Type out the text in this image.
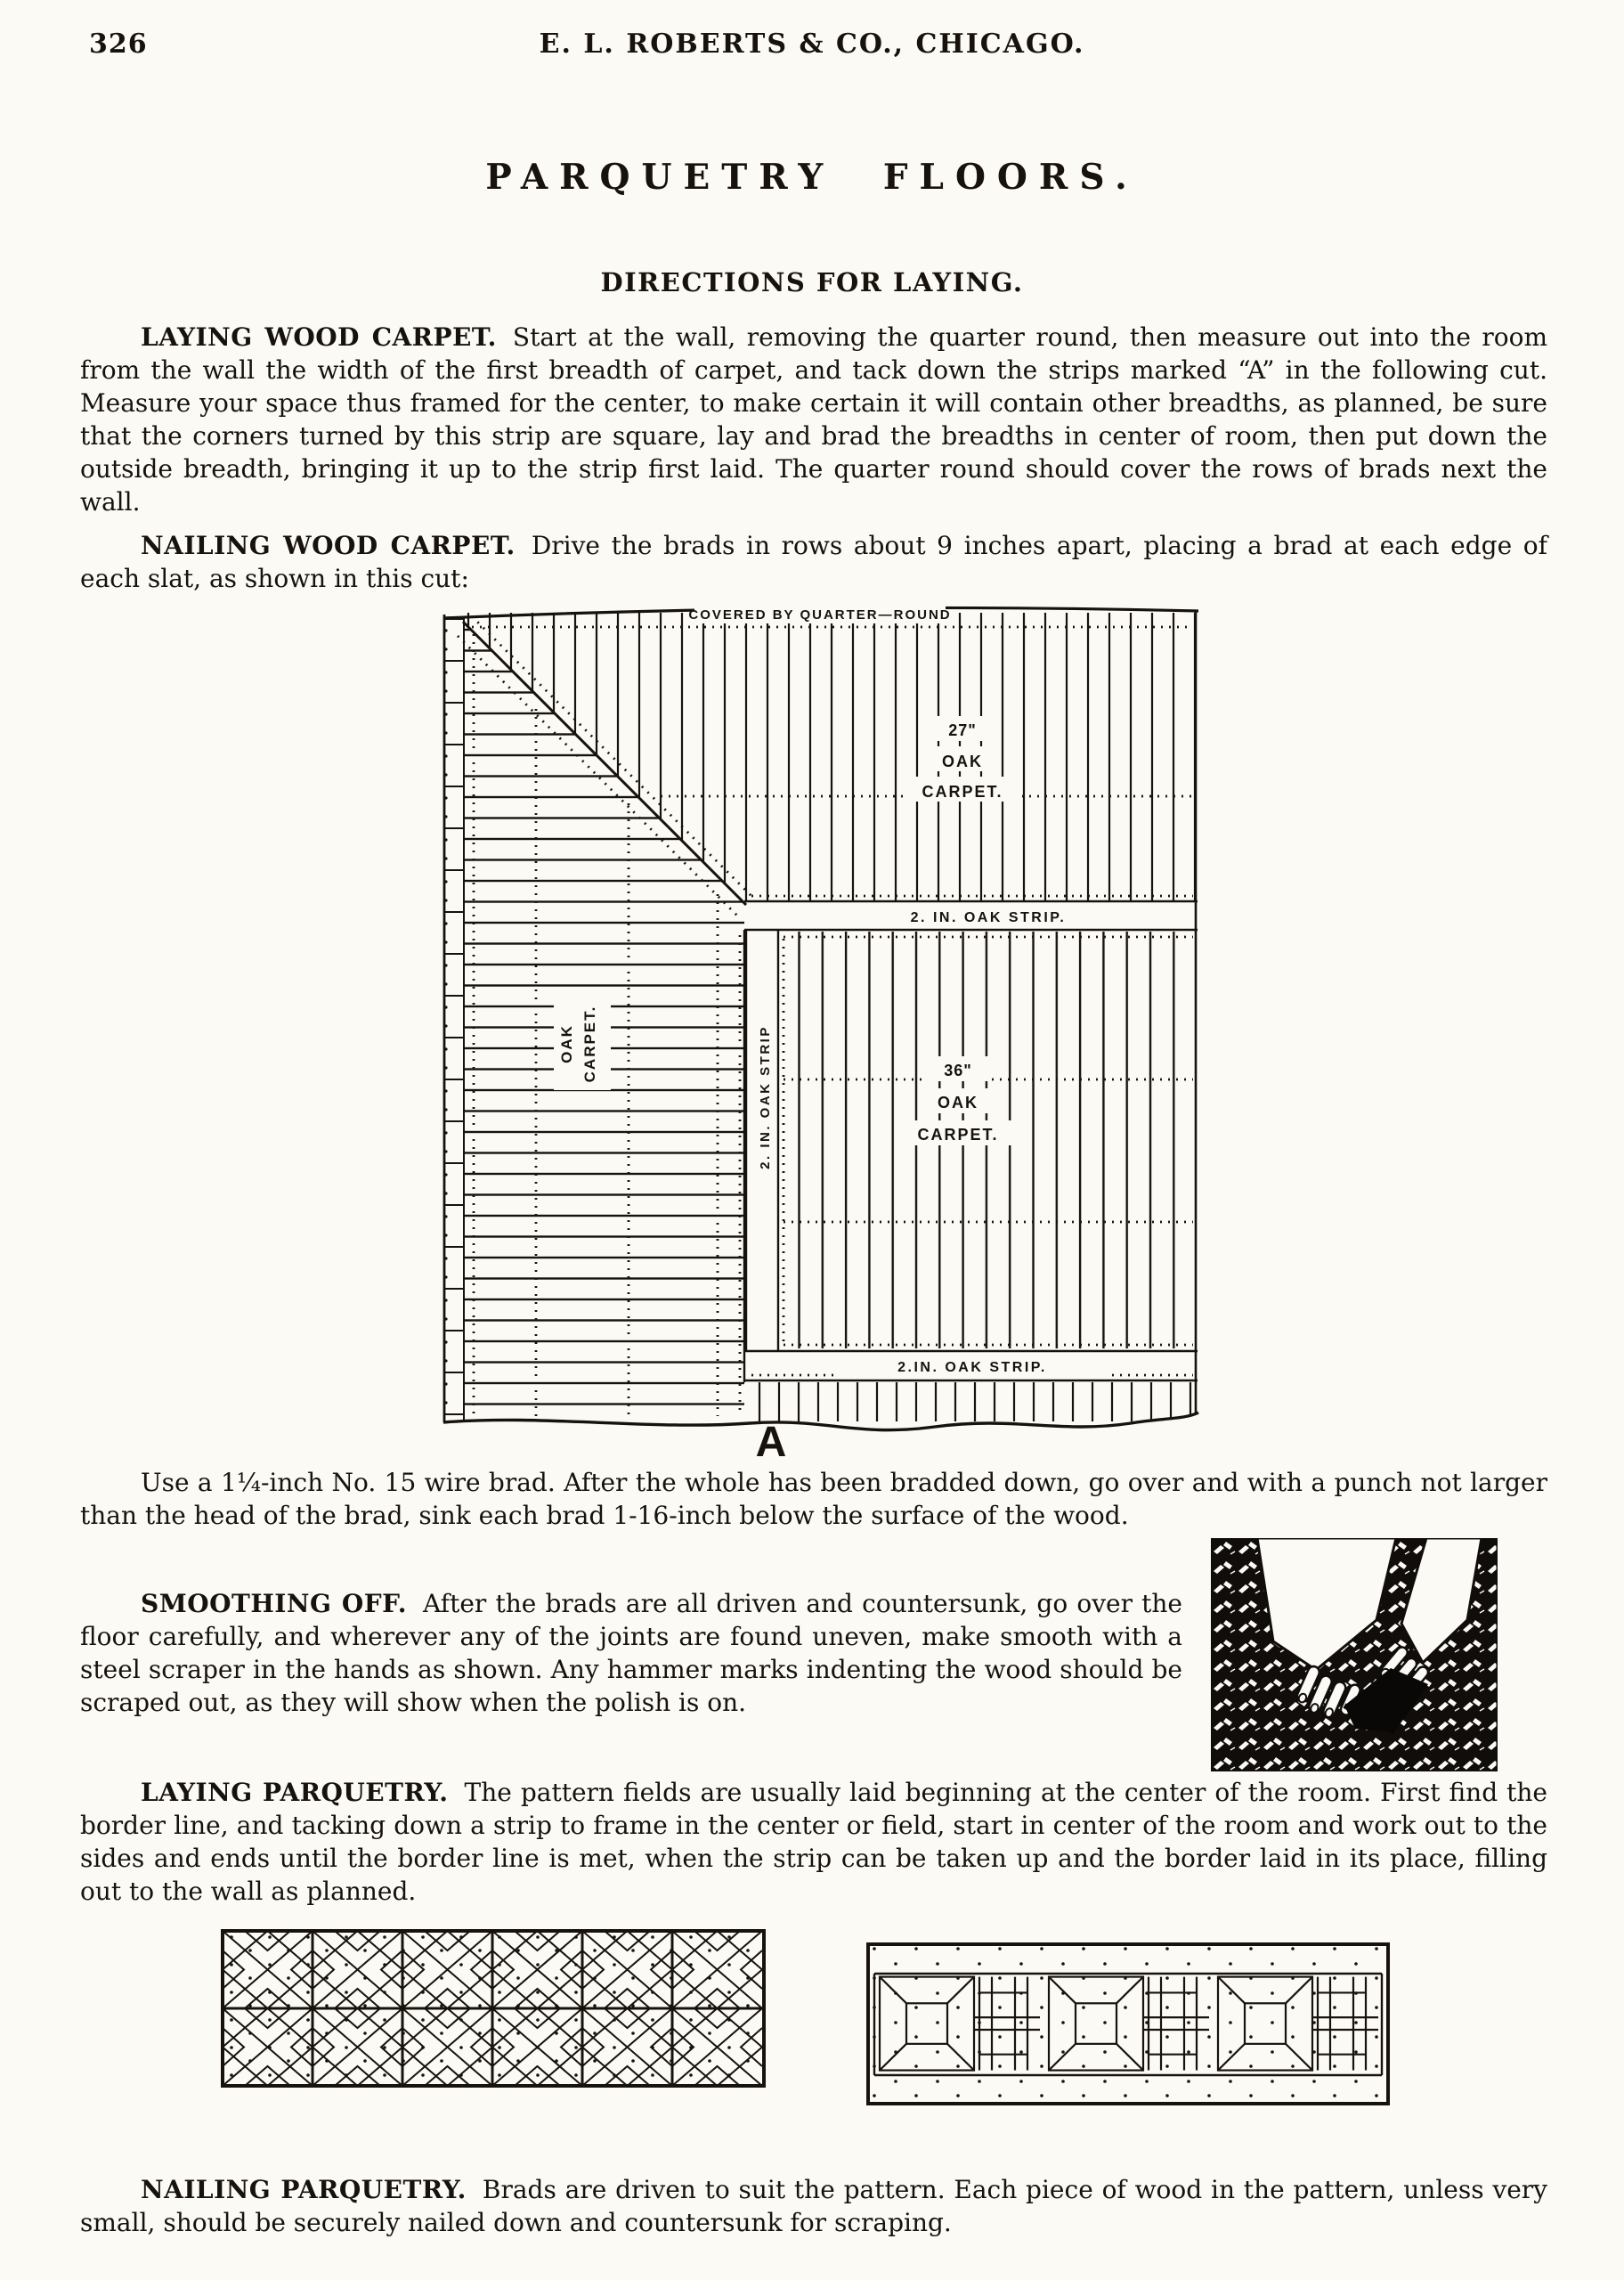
326	E. L. ROBERTS & CO., CHICAGO.
PARQUETRY FLOORS.
DIRECTIONS FOR LAYING.

LAYING WOOD CARPET. Start at the wall, removing the quarter round, then measure out into the room from the wall the width of the first breadth of carpet, and tack down the strips marked “A” in the following cut. Measure your space thus framed for the center, to make certain it will contain other breadths, as planned, be sure that the corners turned by this strip are square, lay and brad the breadths in center of room, then put down the outside breadth, bringing it up to the strip first laid. The quarter round should cover the rows of brads next the wall.

NAILING WOOD CARPET. Drive the brads in rows about 9 inches apart, placing a brad at each edge of each slat, as shown in this cut:

COVERED BY QUARTER—ROUND
27"
OAK
CARPET.
2. IN. OAK STRIP.
OAK CARPET.	2. IN. OAK STRIP	36"
OAK
CARPET.
2.IN. OAK STRIP.
A

Use a 1¼-inch No. 15 wire brad. After the whole has been bradded down, go over and with a punch not larger than the head of the brad, sink each brad 1-16-inch below the surface of the wood.

SMOOTHING OFF. After the brads are all driven and countersunk, go over the floor carefully, and wherever any of the joints are found uneven, make smooth with a steel scraper in the hands as shown. Any hammer marks indenting the wood should be scraped out, as they will show when the polish is on.

LAYING PARQUETRY. The pattern fields are usually laid beginning at the center of the room. First find the border line, and tacking down a strip to frame in the center or field, start in center of the room and work out to the sides and ends until the border line is met, when the strip can be taken up and the border laid in its place, filling out to the wall as planned.

NAILING PARQUETRY. Brads are driven to suit the pattern. Each piece of wood in the pattern, unless very small, should be securely nailed down and countersunk for scraping.
